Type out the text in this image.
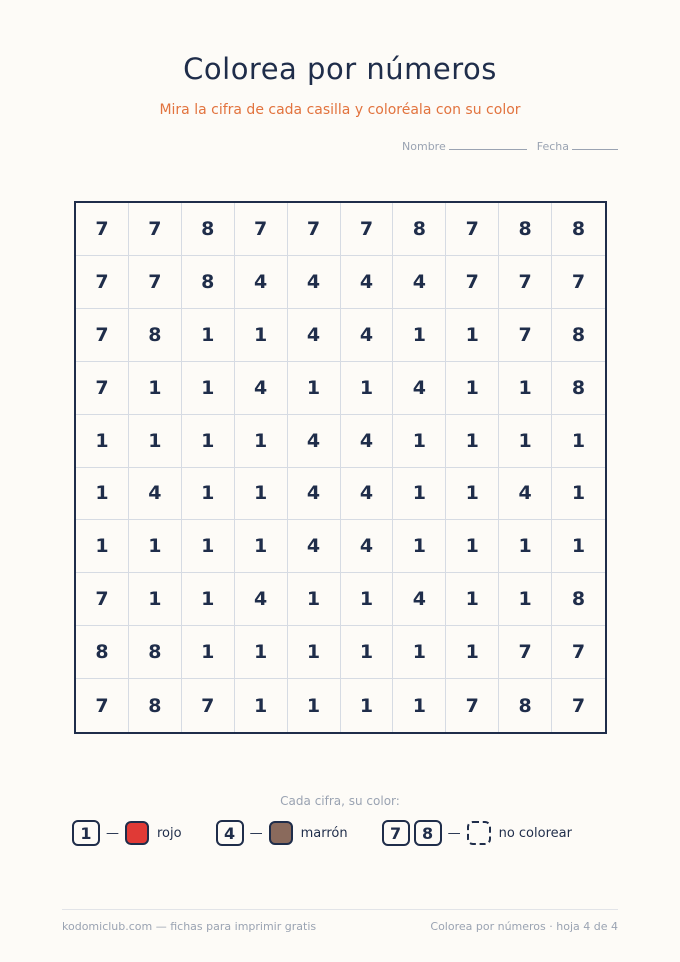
Colorea por números
Mira la cifra de cada casilla y coloréala con su color
Nombre	Fecha
7	7	8	7	7	7	8	7	8	8
7	7	8	4	4	4	4	7	7	7
7	8	1	1	4	4	1	1	7	8
7	1	1	4	1	1	4	1	1	8
1	1	1	1	4	4	1	1	1	1
1	4	1	1	4	4	1	1	4	1
1	1	1	1	4	4	1	1	1	1
7	1	1	4	1	1	4	1	1	8
8	8	1	1	1	1	1	1	7	7
7	8	7	1	1	1	1	7	8	7
Cada cifra, su color:
1	—	rojo	4	—	marrón	7	8	—	no colorear
kodomiclub.com — fichas para imprimir gratis	Colorea por números · hoja 4 de 4
